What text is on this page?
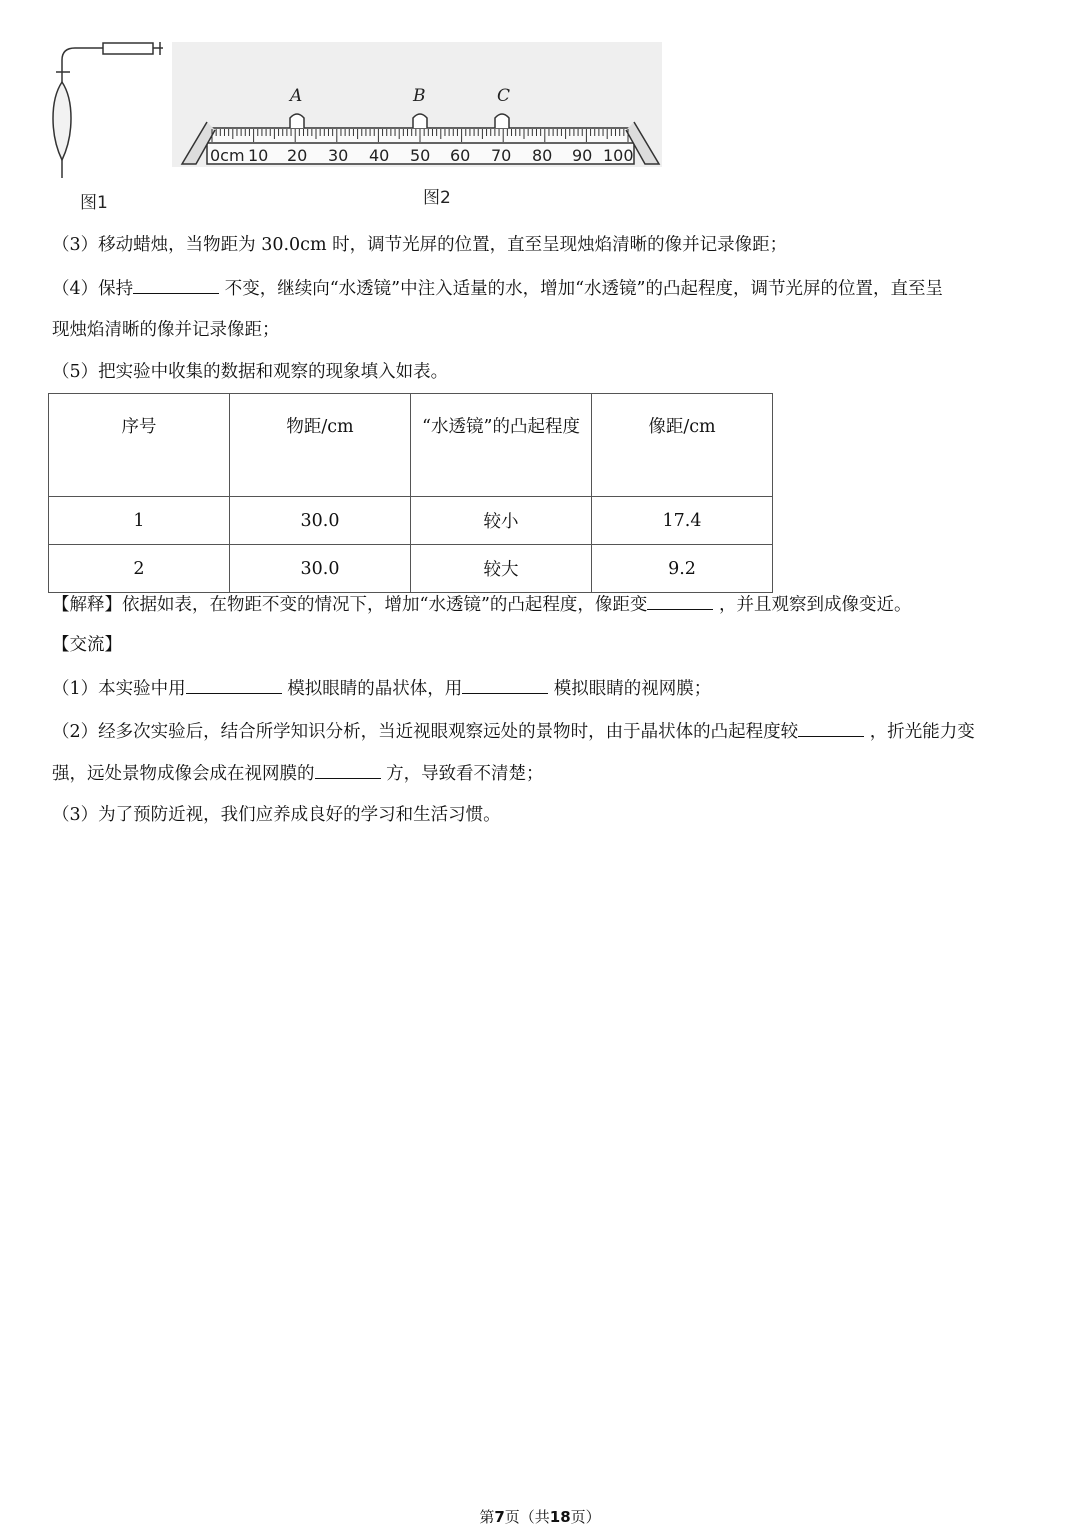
A	B	C
0cm 10 20 30 40 50 60 70 80 90 100
图1	图2
（3）移动蜡烛，当物距为 30.0cm 时，调节光屏的位置，直至呈现烛焰清晰的像并记录像距；
（4）保持	不变，继续向“水透镜”中注入适量的水，增加“水透镜”的凸起程度，调节光屏的位置，直至呈
现烛焰清晰的像并记录像距；
（5）把实验中收集的数据和观察的现象填入如表。
序号	物距/cm	“水透镜”的凸起程度	像距/cm
1	30.0	较小	17.4
2	30.0	较大	9.2
【解释】依据如表，在物距不变的情况下，增加“水透镜”的凸起程度，像距变	，并且观察到成像变近。
【交流】
（1）本实验中用	模拟眼睛的晶状体，用	模拟眼睛的视网膜；
（2）经多次实验后，结合所学知识分析，当近视眼观察远处的景物时，由于晶状体的凸起程度较	，折光能力变
强，远处景物成像会成在视网膜的	方，导致看不清楚；
（3）为了预防近视，我们应养成良好的学习和生活习惯。
第7页（共18页）
